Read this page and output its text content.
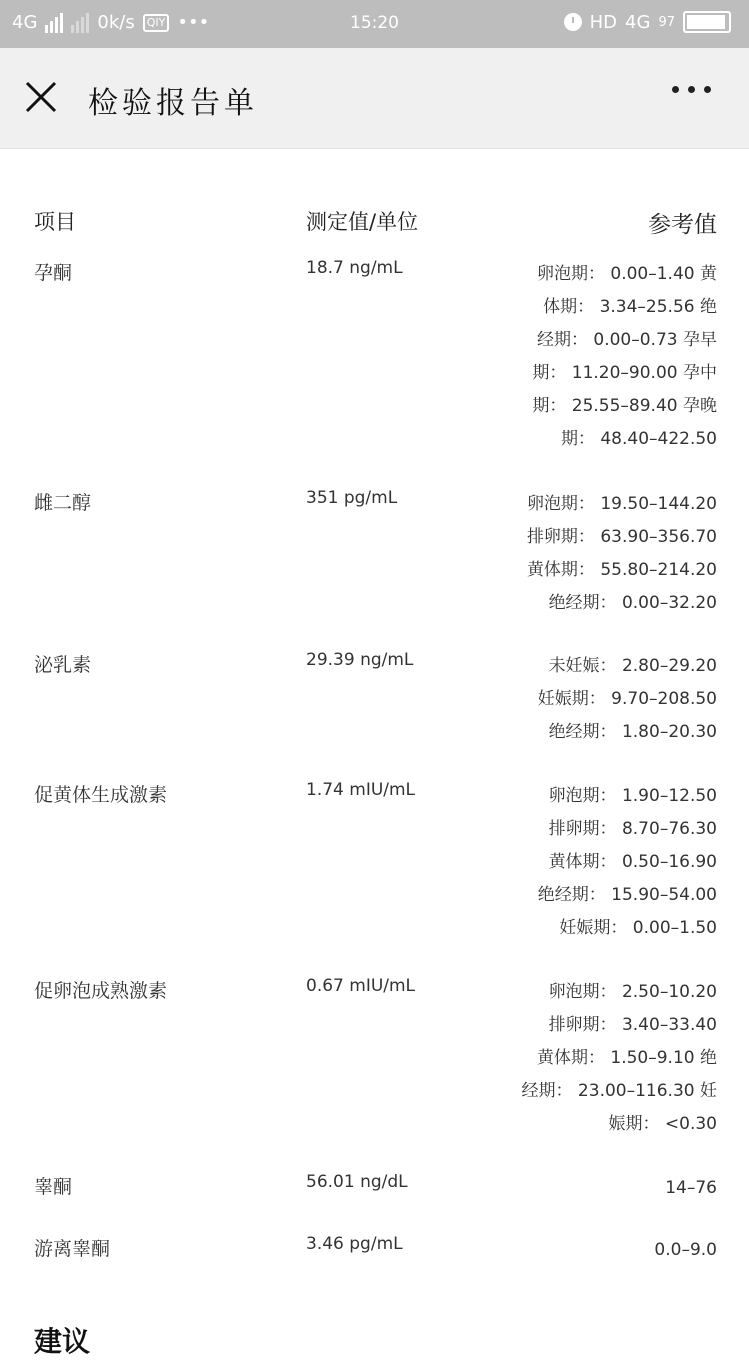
4G	0k/s	QIY •••	15:20	HD 4G 97
检验报告单
项目	测定值/单位	参考值
孕酮	18.7 ng/mL	卵泡期： 0.00–1.40 黄
体期： 3.34–25.56 绝
经期： 0.00–0.73 孕早
期： 11.20–90.00 孕中
期： 25.55–89.40 孕晚
期： 48.40–422.50
雌二醇	351 pg/mL	卵泡期： 19.50–144.20
排卵期： 63.90–356.70
黄体期： 55.80–214.20
绝经期： 0.00–32.20
泌乳素	29.39 ng/mL	未妊娠： 2.80–29.20
妊娠期： 9.70–208.50
绝经期： 1.80–20.30
促黄体生成激素	1.74 mIU/mL	卵泡期： 1.90–12.50
排卵期： 8.70–76.30
黄体期： 0.50–16.90
绝经期： 15.90–54.00
妊娠期： 0.00–1.50
促卵泡成熟激素	0.67 mIU/mL	卵泡期： 2.50–10.20
排卵期： 3.40–33.40
黄体期： 1.50–9.10 绝
经期： 23.00–116.30 妊
娠期： <0.30
睾酮	56.01 ng/dL	14–76
游离睾酮	3.46 pg/mL	0.0–9.0
建议
